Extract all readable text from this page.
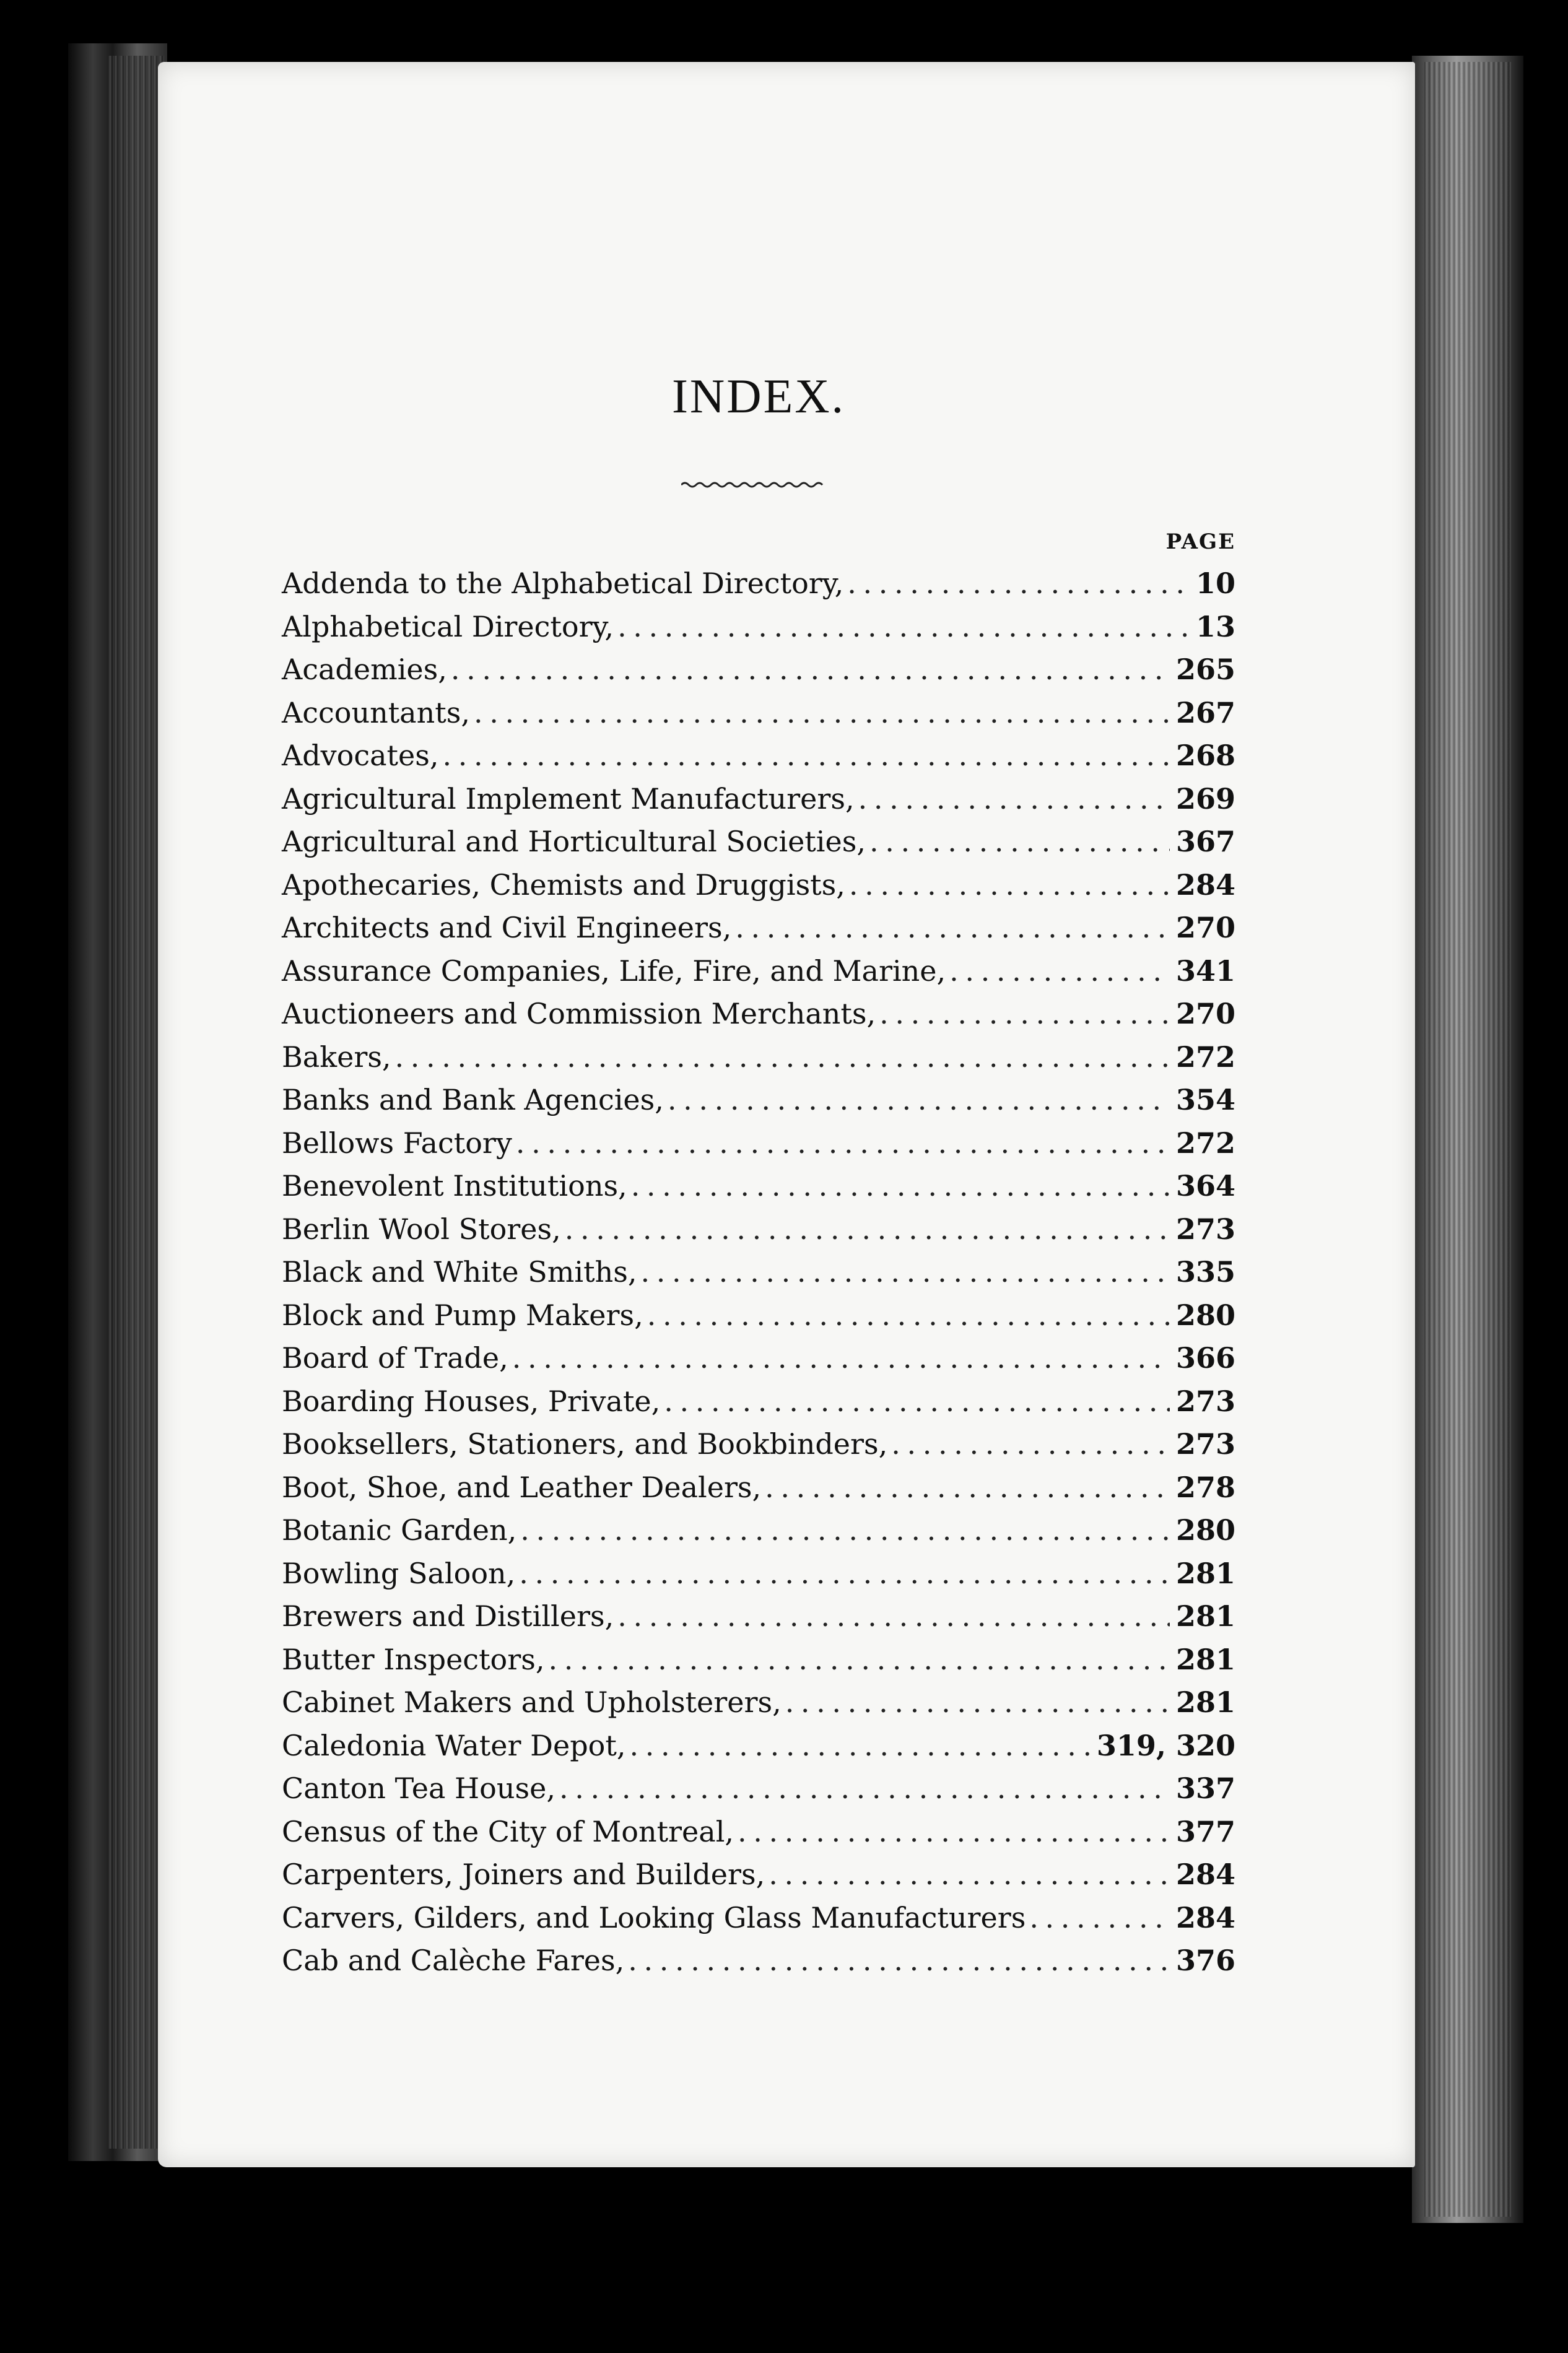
INDEX.
PAGE
Addenda to the Alphabetical Directory, . . .	10
Alphabetical Directory, . . .	13
Academies, . . .	265
Accountants, . . .	267
Advocates, . . .	268
Agricultural Implement Manufacturers, . . .	269
Agricultural and Horticultural Societies, . . .	367
Apothecaries, Chemists and Druggists, . . .	284
Architects and Civil Engineers, . . .	270
Assurance Companies, Life, Fire, and Marine, . . .	341
Auctioneers and Commission Merchants, . . .	270
Bakers, . . .	272
Banks and Bank Agencies, . . .	354
Bellows Factory . . .	272
Benevolent Institutions, . . .	364
Berlin Wool Stores, . . .	273
Black and White Smiths, . . .	335
Block and Pump Makers, . . .	280
Board of Trade, . . .	366
Boarding Houses, Private, . . .	273
Booksellers, Stationers, and Bookbinders, . . .	273
Boot, Shoe, and Leather Dealers, . . .	278
Botanic Garden, . . .	280
Bowling Saloon, . . .	281
Brewers and Distillers, . . .	281
Butter Inspectors, . . .	281
Cabinet Makers and Upholsterers, . . .	281
Caledonia Water Depot, . . .	319, 320
Canton Tea House, . . .	337
Census of the City of Montreal, . . .	377
Carpenters, Joiners and Builders, . . .	284
Carvers, Gilders, and Looking Glass Manufacturers . . .	284
Cab and Calèche Fares, . . .	376
